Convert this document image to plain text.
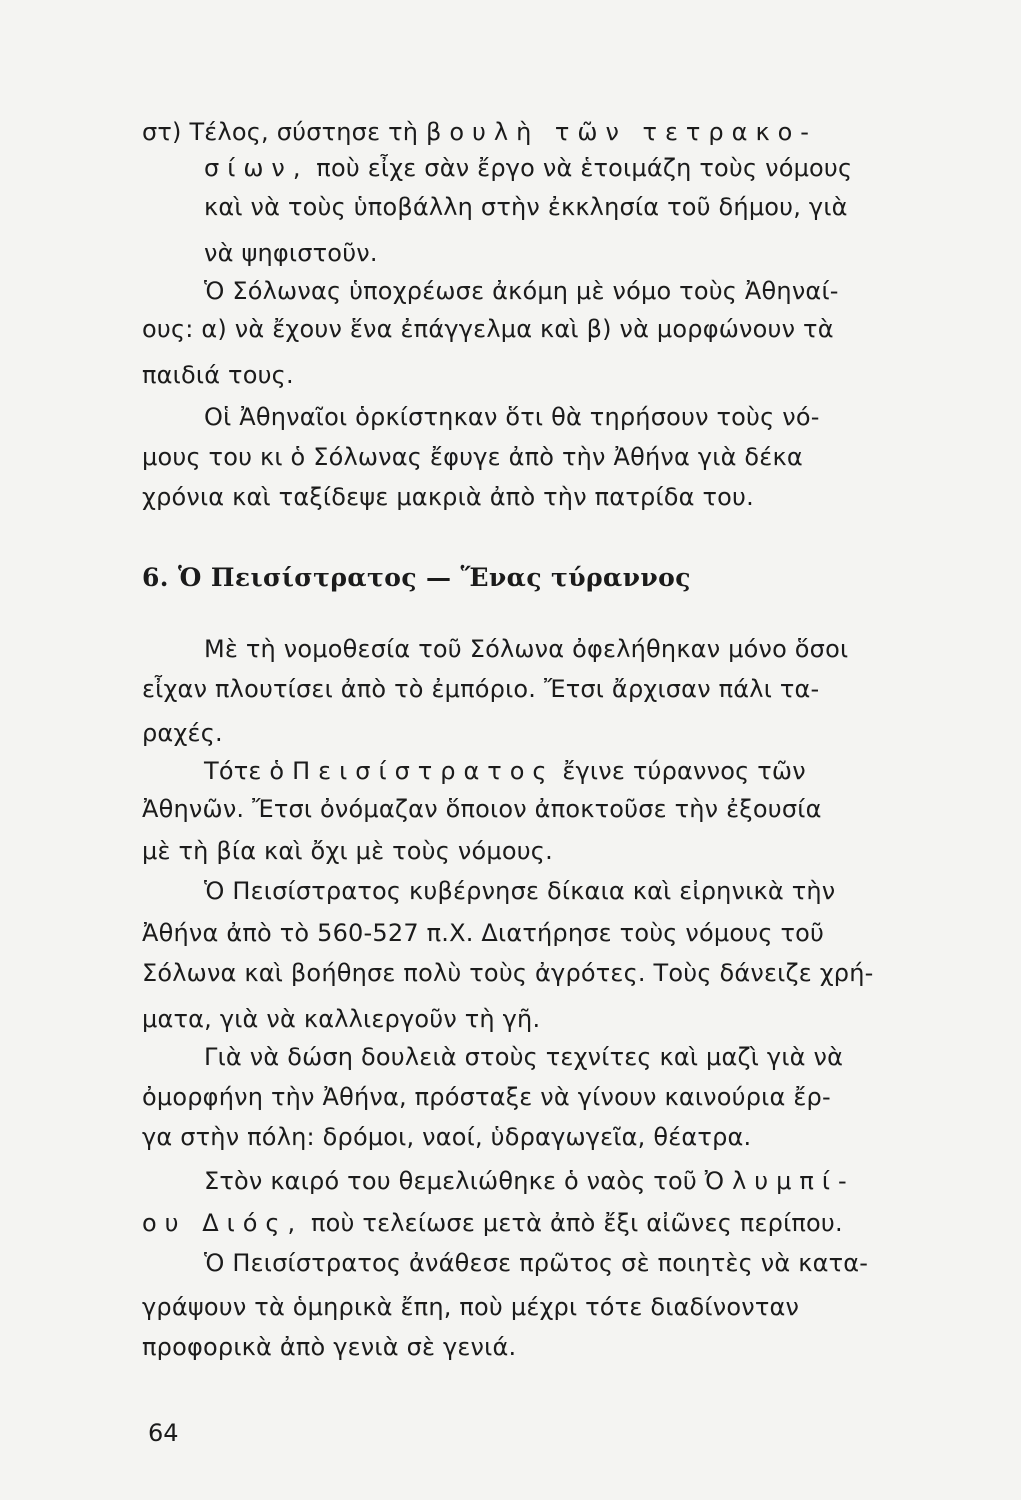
στ) Τέλος, σύστησε τὴ βουλὴ τῶν τετρακο-
σίων, ποὺ εἶχε σὰν ἔργο νὰ ἑτοιμάζη τοὺς νόμους
καὶ νὰ τοὺς ὑποβάλλη στὴν ἐκκλησία τοῦ δήμου, γιὰ
νὰ ψηφιστοῦν.
Ὁ Σόλωνας ὑποχρέωσε ἀκόμη μὲ νόμο τοὺς Ἀθηναί-
ους: α) νὰ ἔχουν ἕνα ἐπάγγελμα καὶ β) νὰ μορφώνουν τὰ
παιδιά τους.
Οἱ Ἀθηναῖοι ὁρκίστηκαν ὅτι θὰ τηρήσουν τοὺς νό-
μους του κι ὁ Σόλωνας ἔφυγε ἀπὸ τὴν Ἀθήνα γιὰ δέκα
χρόνια καὶ ταξίδεψε μακριὰ ἀπὸ τὴν πατρίδα του.
6. Ὁ Πεισίστρατος — Ἕνας τύραννος
Μὲ τὴ νομοθεσία τοῦ Σόλωνα ὀφελήθηκαν μόνο ὅσοι
εἶχαν πλουτίσει ἀπὸ τὸ ἐμπόριο. Ἔτσι ἄρχισαν πάλι τα-
ραχές.
Τότε ὁ Πεισίστρατος ἔγινε τύραννος τῶν
Ἀθηνῶν. Ἔτσι ὀνόμαζαν ὅποιον ἀποκτοῦσε τὴν ἐξουσία
μὲ τὴ βία καὶ ὄχι μὲ τοὺς νόμους.
Ὁ Πεισίστρατος κυβέρνησε δίκαια καὶ εἰρηνικὰ τὴν
Ἀθήνα ἀπὸ τὸ 560-527 π.Χ. Διατήρησε τοὺς νόμους τοῦ
Σόλωνα καὶ βοήθησε πολὺ τοὺς ἀγρότες. Τοὺς δάνειζε χρή-
ματα, γιὰ νὰ καλλιεργοῦν τὴ γῆ.
Γιὰ νὰ δώση δουλειὰ στοὺς τεχνίτες καὶ μαζὶ γιὰ νὰ
ὀμορφήνη τὴν Ἀθήνα, πρόσταξε νὰ γίνουν καινούρια ἔρ-
γα στὴν πόλη: δρόμοι, ναοί, ὑδραγωγεῖα, θέατρα.
Στὸν καιρό του θεμελιώθηκε ὁ ναὸς τοῦ Ὀλυμπί-
ου Διός, ποὺ τελείωσε μετὰ ἀπὸ ἔξι αἰῶνες περίπου.
Ὁ Πεισίστρατος ἀνάθεσε πρῶτος σὲ ποιητὲς νὰ κατα-
γράψουν τὰ ὁμηρικὰ ἔπη, ποὺ μέχρι τότε διαδίνονταν
προφορικὰ ἀπὸ γενιὰ σὲ γενιά.
64
